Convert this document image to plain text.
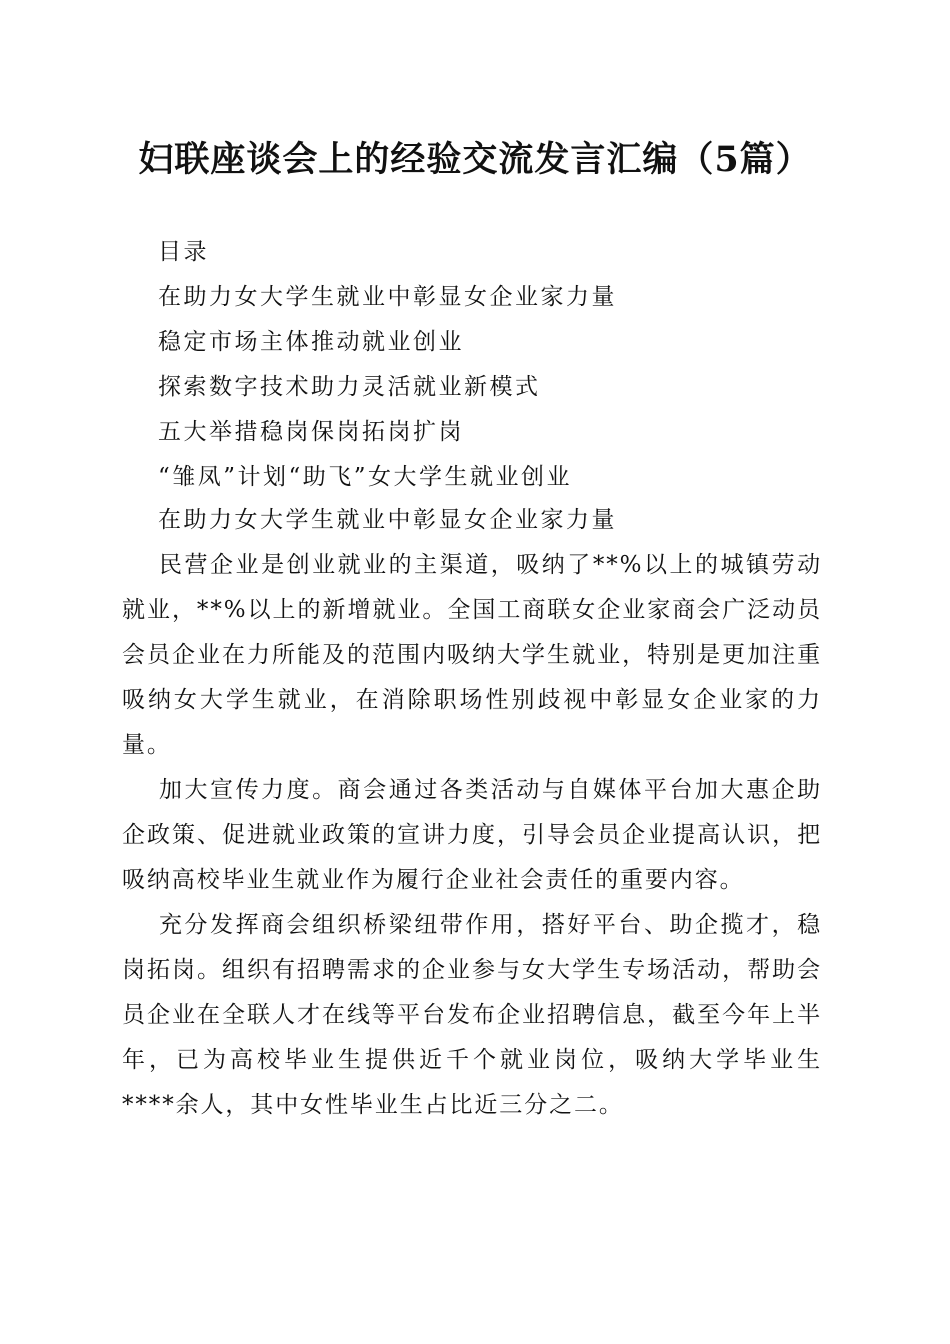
妇联座谈会上的经验交流发言汇编（5篇）
目录
在助力女大学生就业中彰显女企业家力量
稳定市场主体推动就业创业
探索数字技术助力灵活就业新模式
五大举措稳岗保岗拓岗扩岗
“雏凤”计划“助飞”女大学生就业创业
在助力女大学生就业中彰显女企业家力量

民营企业是创业就业的主渠道，吸纳了**%以上的城镇劳动就业，**%以上的新增就业。全国工商联女企业家商会广泛动员会员企业在力所能及的范围内吸纳大学生就业，特别是更加注重吸纳女大学生就业，在消除职场性别歧视中彰显女企业家的力量。

加大宣传力度。商会通过各类活动与自媒体平台加大惠企助企政策、促进就业政策的宣讲力度，引导会员企业提高认识，把吸纳高校毕业生就业作为履行企业社会责任的重要内容。

充分发挥商会组织桥梁纽带作用，搭好平台、助企揽才，稳岗拓岗。组织有招聘需求的企业参与女大学生专场活动，帮助会员企业在全联人才在线等平台发布企业招聘信息，截至今年上半年，已为高校毕业生提供近千个就业岗位，吸纳大学毕业生****余人，其中女性毕业生占比近三分之二。
